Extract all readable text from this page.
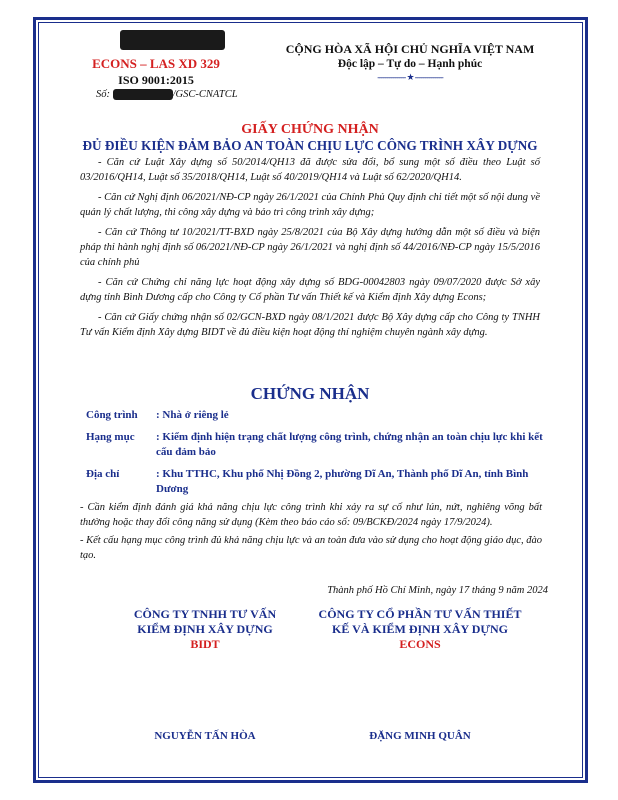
ECONS – LAS XD 329
ISO 9001:2015
Số:	/GSC-CNATCL
CỘNG HÒA XÃ HỘI CHỦ NGHĨA VIỆT NAM
Độc lập – Tự do – Hạnh phúc
‑‑‑‑‑‑‑‑‑‑‑‑‑‑ ★ ‑‑‑‑‑‑‑‑‑‑‑‑‑‑
GIẤY CHỨNG NHẬN
ĐỦ ĐIỀU KIỆN ĐẢM BẢO AN TOÀN CHỊU LỰC CÔNG TRÌNH XÂY DỰNG

- Căn cứ Luật Xây dựng số 50/2014/QH13 đã được sửa đổi, bổ sung một số điều theo Luật số 03/2016/QH14, Luật số 35/2018/QH14, Luật số 40/2019/QH14 và Luật số 62/2020/QH14.

- Căn cứ Nghị định 06/2021/NĐ-CP ngày 26/1/2021 của Chính Phủ Quy định chi tiết một số nội dung về quản lý chất lượng, thi công xây dựng và bảo trì công trình xây dựng;

- Căn cứ Thông tư 10/2021/TT-BXD ngày 25/8/2021 của Bộ Xây dựng hướng dẫn một số điều và biện pháp thi hành nghị định số 06/2021/NĐ-CP ngày 26/1/2021 và nghị định số 44/2016/NĐ-CP ngày 15/5/2016 của chính phủ

- Căn cứ Chứng chỉ năng lực hoạt động xây dựng số BDG-00042803 ngày 09/07/2020 được Sở xây dựng tỉnh Bình Dương cấp cho Công ty Cổ phần Tư vấn Thiết kế và Kiểm định Xây dựng Econs;

- Căn cứ Giấy chứng nhận số 02/GCN-BXD ngày 08/1/2021 được Bộ Xây dựng cấp cho Công ty TNHH Tư vấn Kiểm định Xây dựng BIDT về đủ điều kiện hoạt động thí nghiệm chuyên ngành xây dựng.

CHỨNG NHẬN
Công trình	: Nhà ở riêng lẻ
Hạng mục	: Kiểm định hiện trạng chất lượng công trình, chứng nhận an toàn chịu lực khi kết cấu đảm bảo
Địa chỉ	: Khu TTHC, Khu phố Nhị Đồng 2, phường Dĩ An, Thành phố Dĩ An, tỉnh Bình Dương

- Cần kiểm định đánh giá khả năng chịu lực công trình khi xảy ra sự cố như lún, nứt, nghiêng võng bất thường hoặc thay đổi công năng sử dụng (Kèm theo báo cáo số: 09/BCKĐ/2024 ngày 17/9/2024).

- Kết cấu hạng mục công trình đủ khả năng chịu lực và an toàn đưa vào sử dụng cho hoạt động giáo dục, đào tạo.

Thành phố Hồ Chí Minh, ngày 17 tháng 9 năm 2024
CÔNG TY TNHH TƯ VẤN
KIỂM ĐỊNH XÂY DỰNG
BIDT
CÔNG TY CỔ PHẦN TƯ VẤN THIẾT
KẾ VÀ KIỂM ĐỊNH XÂY DỰNG
ECONS
NGUYỄN TẤN HÒA	ĐẶNG MINH QUÂN
